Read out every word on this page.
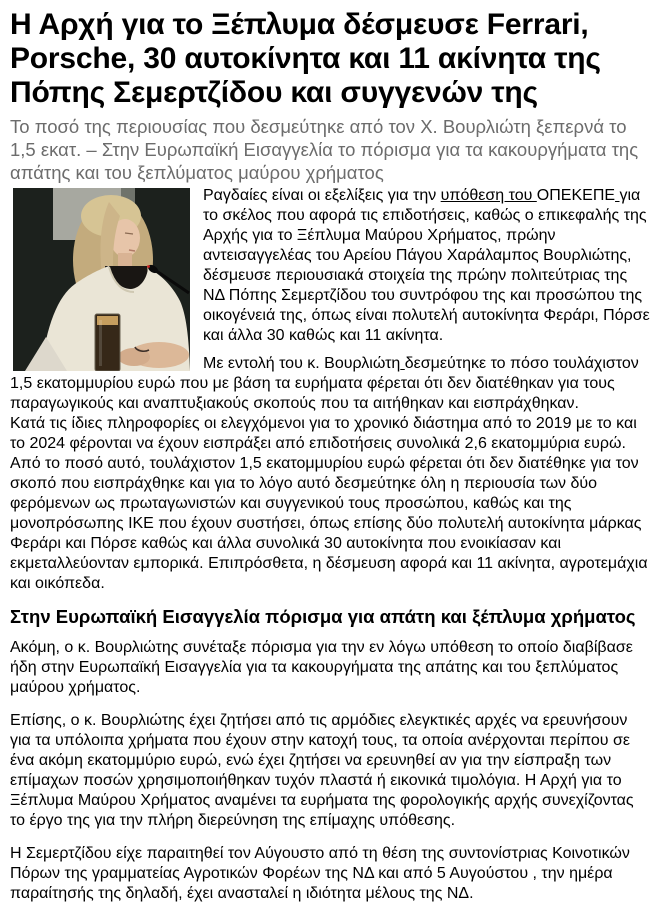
Η Αρχή για το Ξέπλυμα δέσμευσε Ferrari, Porsche, 30 αυτοκίνητα και 11 ακίνητα της Πόπης Σεμερτζίδου και συγγενών της

Το ποσό της περιουσίας που δεσμεύτηκε από τον Χ. Βουρλιώτη ξεπερνά το 1,5 εκατ. – Στην Ευρωπαϊκή Εισαγγελία το πόρισμα για τα κακουργήματα της απάτης και του ξεπλύματος μαύρου χρήματος

Ραγδαίες είναι οι εξελίξεις για την υπόθεση του ΟΠΕΚΕΠΕ για το σκέλος που αφορά τις επιδοτήσεις, καθώς ο επικεφαλής της Αρχής για το Ξέπλυμα Μαύρου Χρήματος, πρώην αντεισαγγελέας του Αρείου Πάγου Χαράλαμπος Βουρλιώτης, δέσμευσε περιουσιακά στοιχεία της πρώην πολιτεύτριας της ΝΔ Πόπης Σεμερτζίδου του συντρόφου της και προσώπου της οικογένειά της, όπως είναι πολυτελή αυτοκίνητα Φεράρι, Πόρσε και άλλα 30 καθώς και 11 ακίνητα.

Με εντολή του κ. Βουρλιώτη δεσμεύτηκε το πόσο τουλάχιστον 1,5 εκατομμυρίου ευρώ που με βάση τα ευρήματα φέρεται ότι δεν διατέθηκαν για τους παραγωγικούς και αναπτυξιακούς σκοπούς που τα αιτήθηκαν και εισπράχθηκαν.

Κατά τις ίδιες πληροφορίες οι ελεγχόμενοι για το χρονικό διάστημα από το 2019 με το και το 2024 φέρονται να έχουν εισπράξει από επιδοτήσεις συνολικά 2,6 εκατομμύρια ευρώ.

Από το ποσό αυτό, τουλάχιστον 1,5 εκατομμυρίου ευρώ φέρεται ότι δεν διατέθηκε για τον σκοπό που εισπράχθηκε και για το λόγο αυτό δεσμεύτηκε όλη η περιουσία των δύο φερόμενων ως πρωταγωνιστών και συγγενικού τους προσώπου, καθώς και της μονοπρόσωπης ΙΚΕ που έχουν συστήσει, όπως επίσης δύο πολυτελή αυτοκίνητα μάρκας Φεράρι και Πόρσε καθώς και άλλα συνολικά 30 αυτοκίνητα που ενοικίασαν και εκμεταλλεύονταν εμπορικά. Επιπρόσθετα, η δέσμευση αφορά και 11 ακίνητα, αγροτεμάχια και οικόπεδα.

Στην Ευρωπαϊκή Εισαγγελία πόρισμα για απάτη και ξέπλυμα χρήματος

Ακόμη, ο κ. Βουρλιώτης συνέταξε πόρισμα για την εν λόγω υπόθεση το οποίο διαβίβασε ήδη στην Ευρωπαϊκή Εισαγγελία για τα κακουργήματα της απάτης και του ξεπλύματος μαύρου χρήματος.

Επίσης, ο κ. Βουρλιώτης έχει ζητήσει από τις αρμόδιες ελεγκτικές αρχές να ερευνήσουν για τα υπόλοιπα χρήματα που έχουν στην κατοχή τους, τα οποία ανέρχονται περίπου σε ένα ακόμη εκατομμύριο ευρώ, ενώ έχει ζητήσει να ερευνηθεί αν για την είσπραξη των επίμαχων ποσών χρησιμοποιήθηκαν τυχόν πλαστά ή εικονικά τιμολόγια. Η Αρχή για το Ξέπλυμα Μαύρου Χρήματος αναμένει τα ευρήματα της φορολογικής αρχής συνεχίζοντας το έργο της για την πλήρη διερεύνηση της επίμαχης υπόθεσης.

Η Σεμερτζίδου είχε παραιτηθεί τον Αύγουστο από τη θέση της συντονίστριας Κοινοτικών Πόρων της γραμματείας Αγροτικών Φορέων της ΝΔ και από 5 Αυγούστου , την ημέρα παραίτησής της δηλαδή, έχει ανασταλεί η ιδιότητα μέλους της ΝΔ.
